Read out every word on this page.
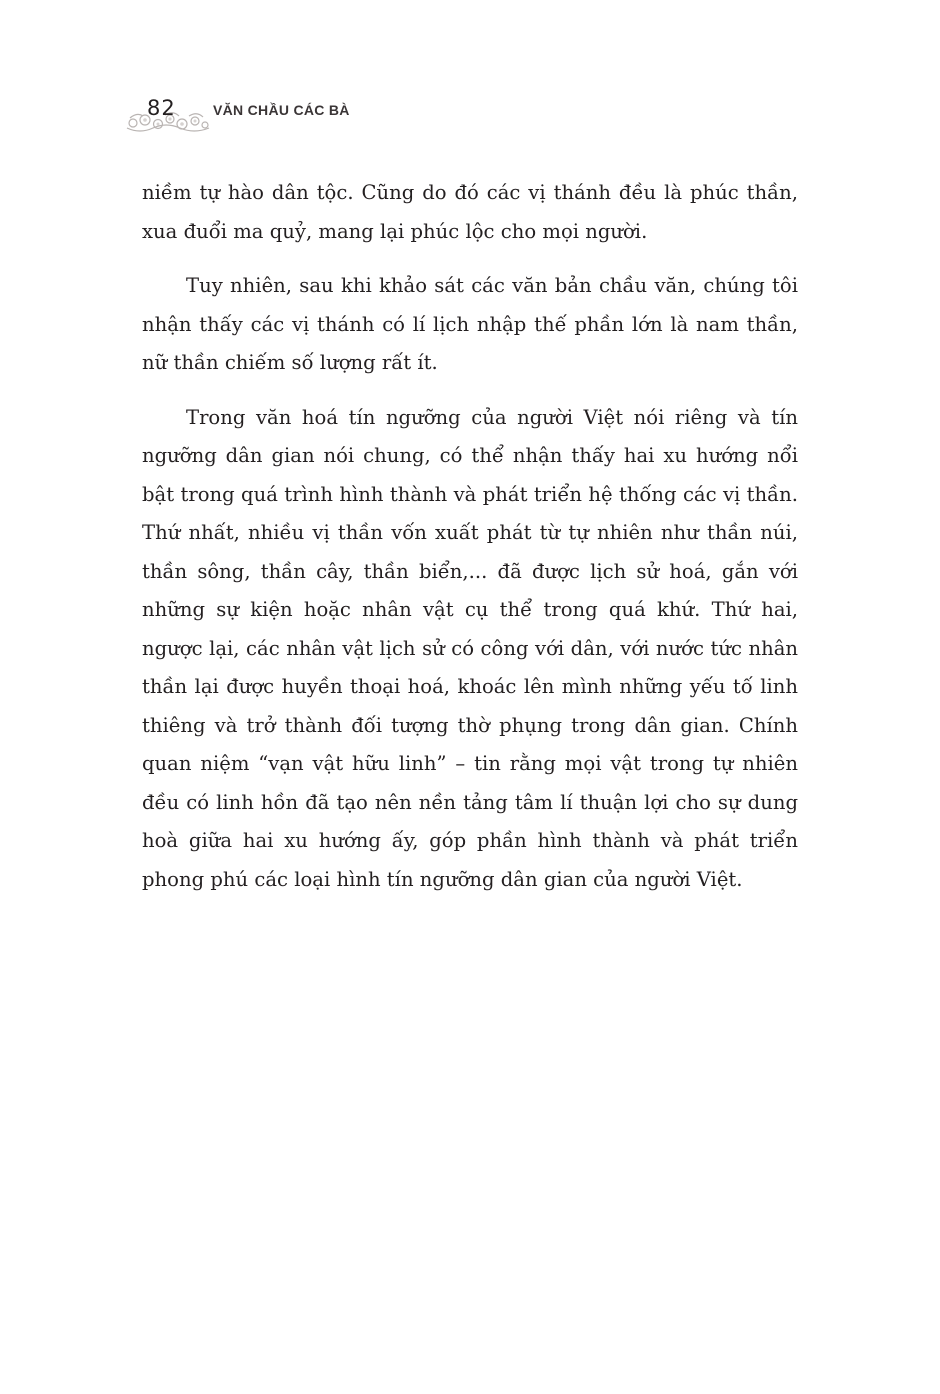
82	VĂN CHẦU CÁC BÀ

niềm tự hào dân tộc. Cũng do đó các vị thánh đều là phúc thần, xua đuổi ma quỷ, mang lại phúc lộc cho mọi người.

Tuy nhiên, sau khi khảo sát các văn bản chầu văn, chúng tôi nhận thấy các vị thánh có lí lịch nhập thế phần lớn là nam thần, nữ thần chiếm số lượng rất ít.

Trong văn hoá tín ngưỡng của người Việt nói riêng và tín ngưỡng dân gian nói chung, có thể nhận thấy hai xu hướng nổi bật trong quá trình hình thành và phát triển hệ thống các vị thần. Thứ nhất, nhiều vị thần vốn xuất phát từ tự nhiên như thần núi, thần sông, thần cây, thần biển,... đã được lịch sử hoá, gắn với những sự kiện hoặc nhân vật cụ thể trong quá khứ. Thứ hai, ngược lại, các nhân vật lịch sử có công với dân, với nước tức nhân thần lại được huyền thoại hoá, khoác lên mình những yếu tố linh thiêng và trở thành đối tượng thờ phụng trong dân gian. Chính quan niệm “vạn vật hữu linh” – tin rằng mọi vật trong tự nhiên đều có linh hồn đã tạo nên nền tảng tâm lí thuận lợi cho sự dung hoà giữa hai xu hướng ấy, góp phần hình thành và phát triển phong phú các loại hình tín ngưỡng dân gian của người Việt.
